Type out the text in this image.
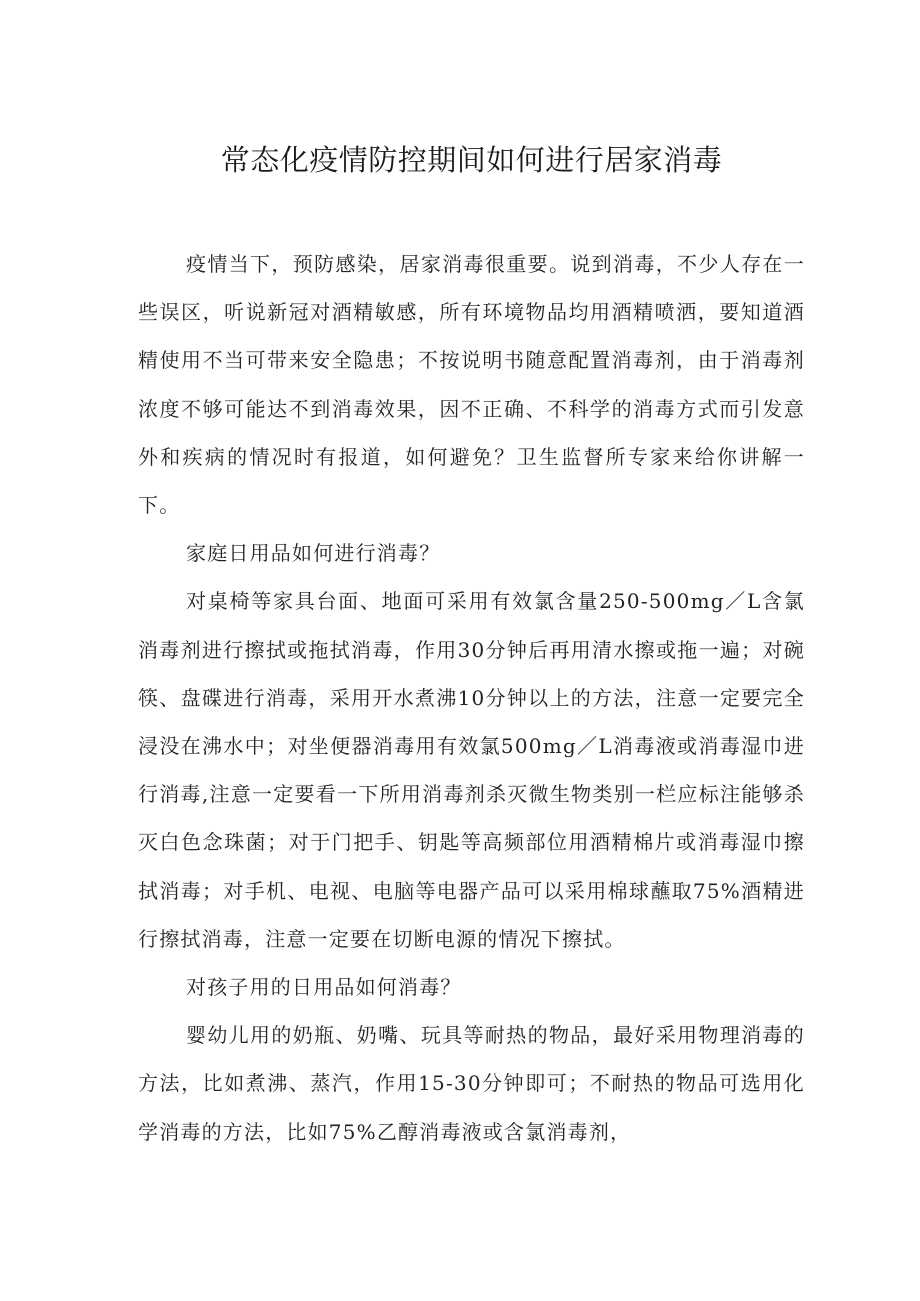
常态化疫情防控期间如何进行居家消毒

疫情当下，预防感染，居家消毒很重要。说到消毒，不少人存在一些误区，听说新冠对酒精敏感，所有环境物品均用酒精喷洒，要知道酒精使用不当可带来安全隐患；不按说明书随意配置消毒剂，由于消毒剂浓度不够可能达不到消毒效果，因不正确、不科学的消毒方式而引发意外和疾病的情况时有报道，如何避免？卫生监督所专家来给你讲解一下。

家庭日用品如何进行消毒？

对桌椅等家具台面、地面可采用有效氯含量250-500mg／L含氯消毒剂进行擦拭或拖拭消毒，作用30分钟后再用清水擦或拖一遍；对碗筷、盘碟进行消毒，采用开水煮沸10分钟以上的方法，注意一定要完全浸没在沸水中；对坐便器消毒用有效氯500mg／L消毒液或消毒湿巾进行消毒,注意一定要看一下所用消毒剂杀灭微生物类别一栏应标注能够杀灭白色念珠菌；对于门把手、钥匙等高频部位用酒精棉片或消毒湿巾擦拭消毒；对手机、电视、电脑等电器产品可以采用棉球蘸取75%酒精进行擦拭消毒，注意一定要在切断电源的情况下擦拭。

对孩子用的日用品如何消毒？

婴幼儿用的奶瓶、奶嘴、玩具等耐热的物品，最好采用物理消毒的方法，比如煮沸、蒸汽，作用15-30分钟即可；不耐热的物品可选用化学消毒的方法，比如75%乙醇消毒液或含氯消毒剂，
